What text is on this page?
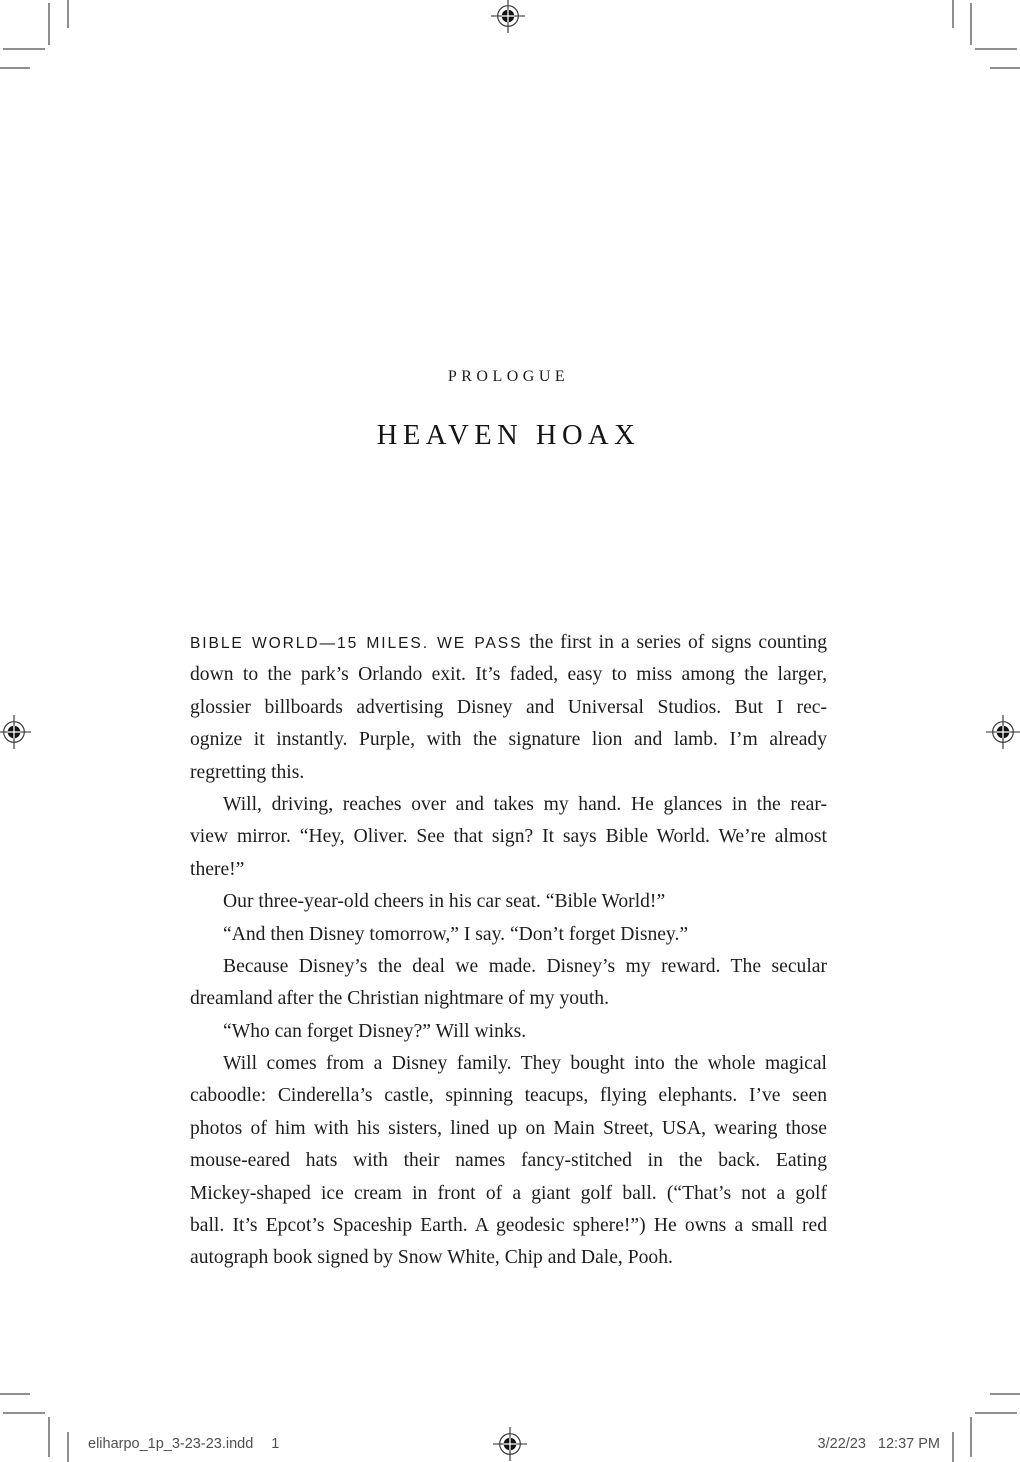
PROLOGUE
HEAVEN HOAX
BIBLE WORLD—15 MILES. WE PASS the first in a series of signs counting
down to the park’s Orlando exit. It’s faded, easy to miss among the larger,
glossier billboards advertising Disney and Universal Studios. But I rec-
ognize it instantly. Purple, with the signature lion and lamb. I’m already
regretting this.
Will, driving, reaches over and takes my hand. He glances in the rear-
view mirror. “Hey, Oliver. See that sign? It says Bible World. We’re almost
there!”
Our three-year-old cheers in his car seat. “Bible World!”
“And then Disney tomorrow,” I say. “Don’t forget Disney.”
Because Disney’s the deal we made. Disney’s my reward. The secular
dreamland after the Christian nightmare of my youth.
“Who can forget Disney?” Will winks.
Will comes from a Disney family. They bought into the whole magical
caboodle: Cinderella’s castle, spinning teacups, flying elephants. I’ve seen
photos of him with his sisters, lined up on Main Street, USA, wearing those
mouse-eared hats with their names fancy-stitched in the back. Eating
Mickey-shaped ice cream in front of a giant golf ball. (“That’s not a golf
ball. It’s Epcot’s Spaceship Earth. A geodesic sphere!”) He owns a small red
autograph book signed by Snow White, Chip and Dale, Pooh.
eliharpo_1p_3-23-23.indd 1	3/22/23 12:37 PM
